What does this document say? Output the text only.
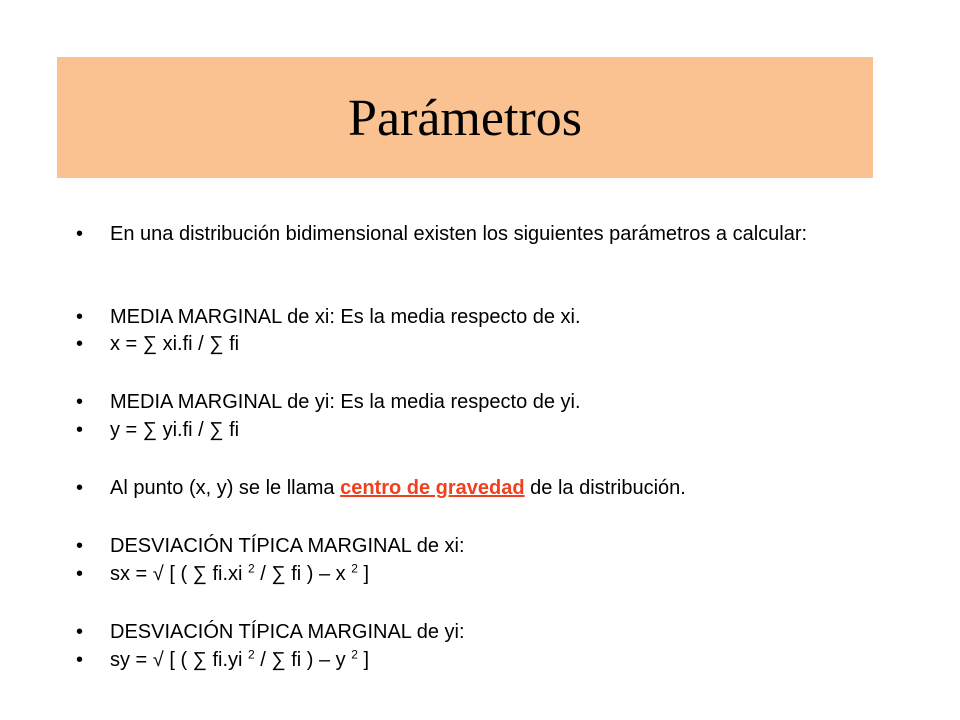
Parámetros
• En una distribución bidimensional existen los siguientes parámetros a calcular:
• MEDIA MARGINAL de xi: Es la media respecto de xi.
• x = ∑ xi.fi / ∑ fi
• MEDIA MARGINAL de yi: Es la media respecto de yi.
• y = ∑ yi.fi / ∑ fi
• Al punto (x, y) se le llama centro de gravedad de la distribución.
• DESVIACIÓN TÍPICA MARGINAL de xi:
• sx = √ [ ( ∑ fi.xi $^2$ / ∑ fi ) – x $^2$ ]
• DESVIACIÓN TÍPICA MARGINAL de yi:
• sy = √ [ ( ∑ fi.yi $^2$ / ∑ fi ) – y $^2$ ]
